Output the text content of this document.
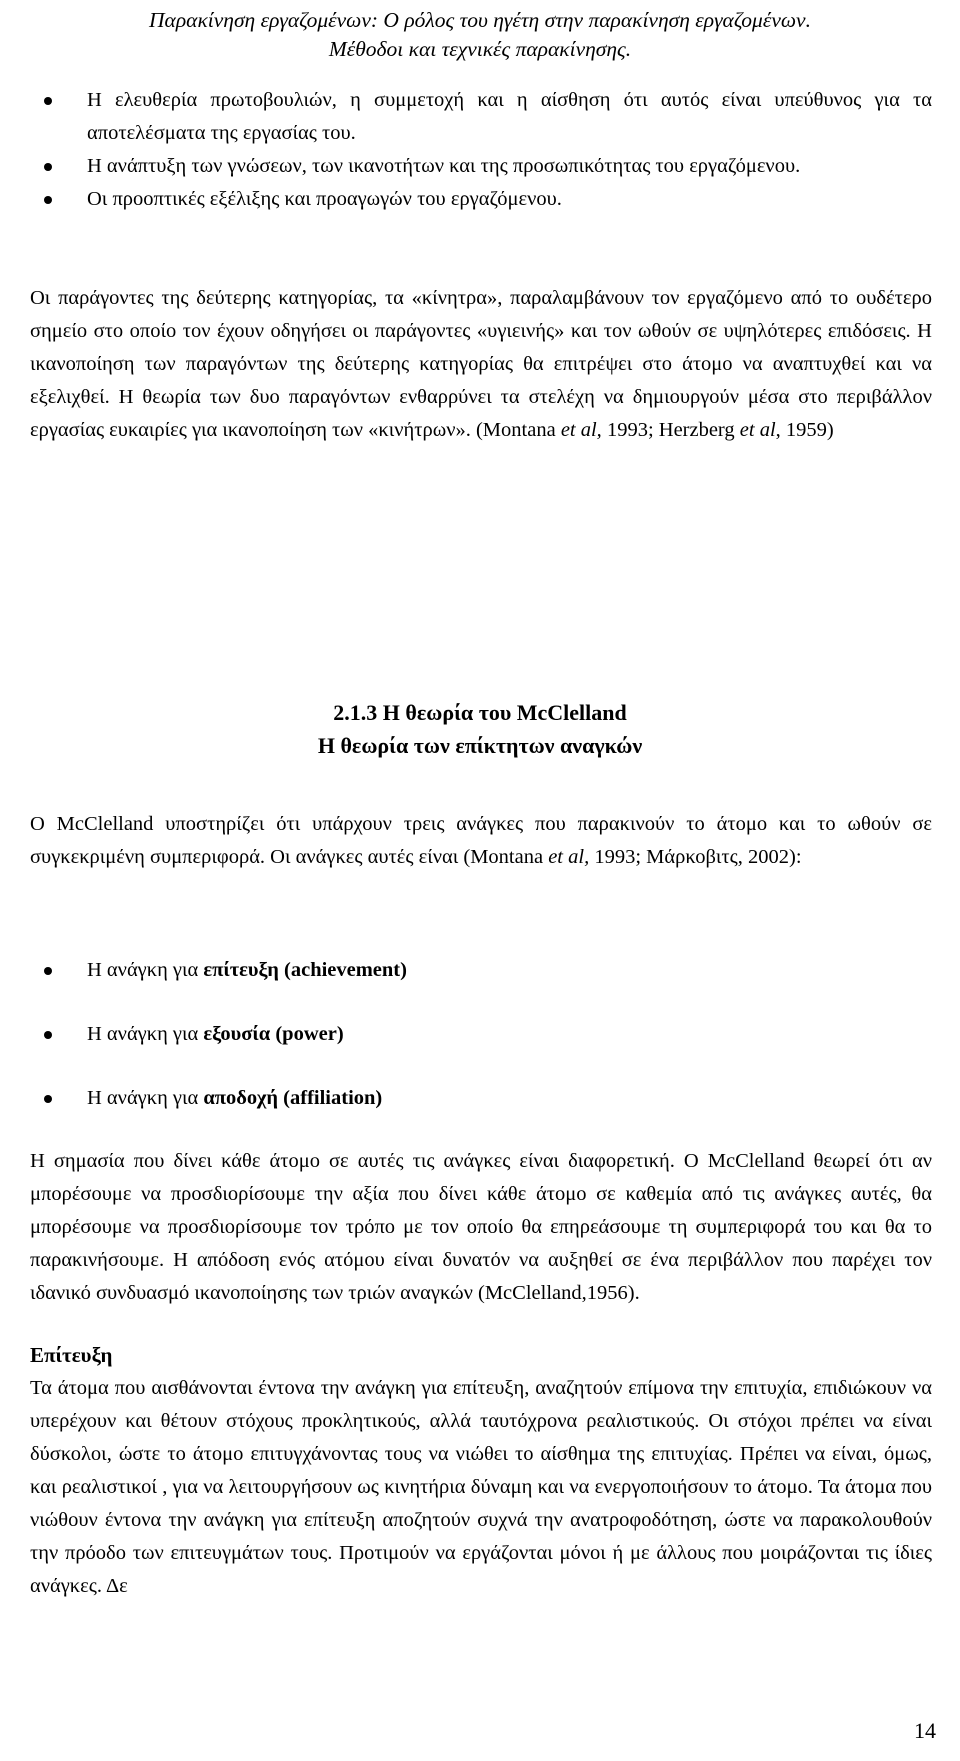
Παρακίνηση εργαζομένων: Ο ρόλος του ηγέτη στην παρακίνηση εργαζομένων.
Μέθοδοι και τεχνικές παρακίνησης.
Η ελευθερία πρωτοβουλιών, η συμμετοχή και η αίσθηση ότι αυτός είναι υπεύθυνος για τα αποτελέσματα της εργασίας του.
Η ανάπτυξη των γνώσεων, των ικανοτήτων και της προσωπικότητας του εργαζόμενου.
Οι προοπτικές εξέλιξης και προαγωγών του εργαζόμενου.

Οι παράγοντες της δεύτερης κατηγορίας, τα «κίνητρα», παραλαμβάνουν τον εργαζόμενο από το ουδέτερο σημείο στο οποίο τον έχουν οδηγήσει οι παράγοντες «υγιεινής» και τον ωθούν σε υψηλότερες επιδόσεις. Η ικανοποίηση των παραγόντων της δεύτερης κατηγορίας θα επιτρέψει στο άτομο να αναπτυχθεί και να εξελιχθεί. Η θεωρία των δυο παραγόντων ενθαρρύνει τα στελέχη να δημιουργούν μέσα στο περιβάλλον εργασίας ευκαιρίες για ικανοποίηση των «κινήτρων». (Montana et al, 1993; Herzberg et al, 1959)

2.1.3 Η θεωρία του McClelland
Η θεωρία των επίκτητων αναγκών

Ο McClelland υποστηρίζει ότι υπάρχουν τρεις ανάγκες που παρακινούν το άτομο και το ωθούν σε συγκεκριμένη συμπεριφορά. Οι ανάγκες αυτές είναι (Montana et al, 1993; Μάρκοβιτς, 2002):

Η ανάγκη για επίτευξη (achievement)
Η ανάγκη για εξουσία (power)
Η ανάγκη για αποδοχή (affiliation)

Η σημασία που δίνει κάθε άτομο σε αυτές τις ανάγκες είναι διαφορετική. Ο McClelland θεωρεί ότι αν μπορέσουμε να προσδιορίσουμε την αξία που δίνει κάθε άτομο σε καθεμία από τις ανάγκες αυτές, θα μπορέσουμε να προσδιορίσουμε τον τρόπο με τον οποίο θα επηρεάσουμε τη συμπεριφορά του και θα το παρακινήσουμε. Η απόδοση ενός ατόμου είναι δυνατόν να αυξηθεί σε ένα περιβάλλον που παρέχει τον ιδανικό συνδυασμό ικανοποίησης των τριών αναγκών (McClelland,1956).

Επίτευξη

Τα άτομα που αισθάνονται έντονα την ανάγκη για επίτευξη, αναζητούν επίμονα την επιτυχία, επιδιώκουν να υπερέχουν και θέτουν στόχους προκλητικούς, αλλά ταυτόχρονα ρεαλιστικούς. Οι στόχοι πρέπει να είναι δύσκολοι, ώστε το άτομο επιτυγχάνοντας τους να νιώθει το αίσθημα της επιτυχίας. Πρέπει να είναι, όμως, και ρεαλιστικοί , για να λειτουργήσουν ως κινητήρια δύναμη και να ενεργοποιήσουν το άτομο. Τα άτομα που νιώθουν έντονα την ανάγκη για επίτευξη αποζητούν συχνά την ανατροφοδότηση, ώστε να παρακολουθούν την πρόοδο των επιτευγμάτων τους. Προτιμούν να εργάζονται μόνοι ή με άλλους που μοιράζονται τις ίδιες ανάγκες. Δε

14
